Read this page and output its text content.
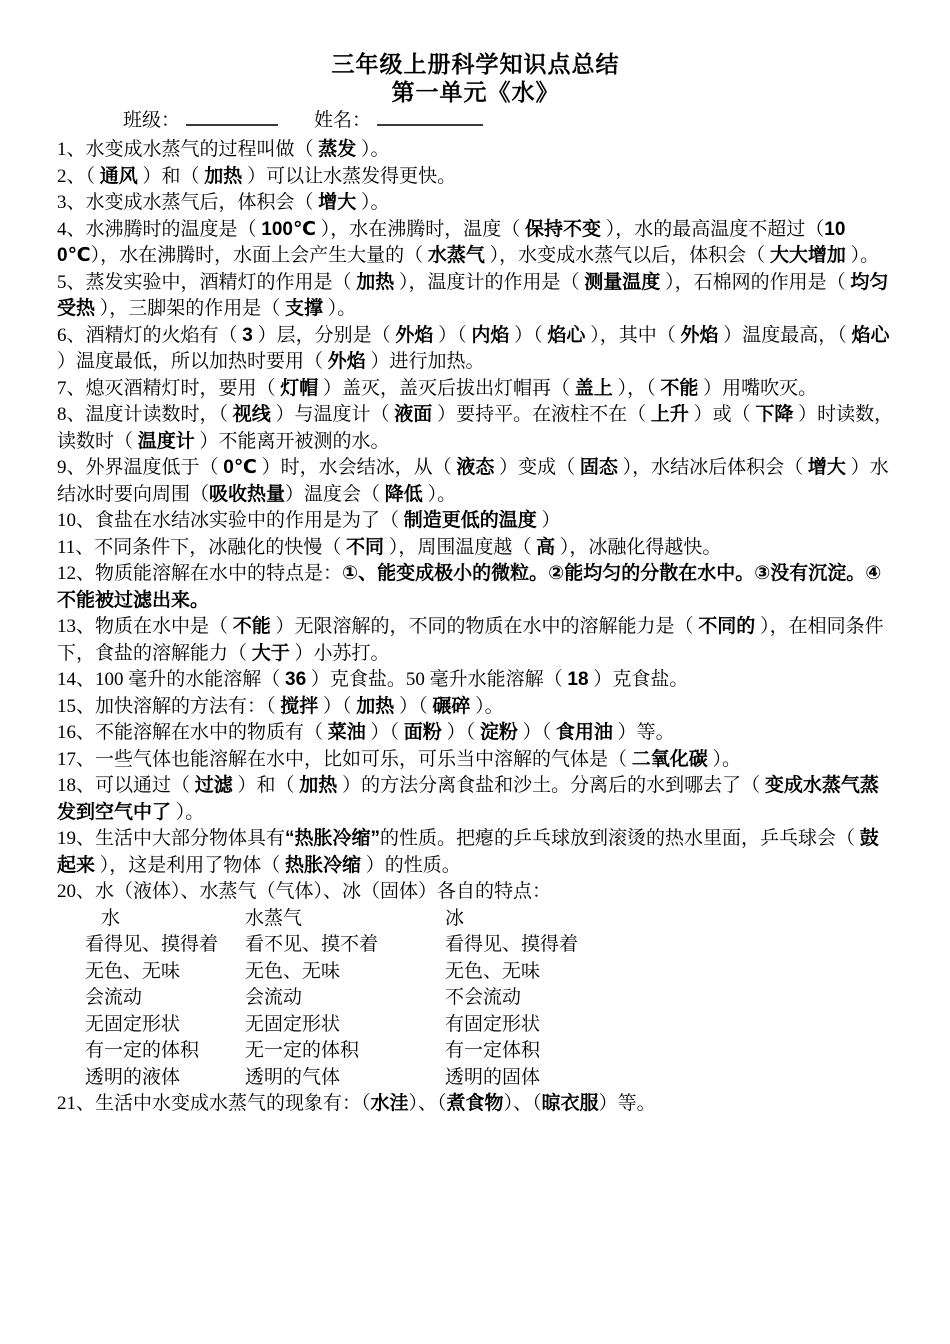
三年级上册科学知识点总结
第一单元《水》
班级：	姓名：

1、水变成水蒸气的过程叫做（ 蒸发 ）。

2、（ 通风 ）和（ 加热 ）可以让水蒸发得更快。

3、水变成水蒸气后，体积会（ 增大 ）。

4、水沸腾时的温度是（ 100℃ ），水在沸腾时，温度（ 保持不变 ），水的最高温度不超过（100℃），水在沸腾时，水面上会产生大量的（ 水蒸气 ），水变成水蒸气以后，体积会（ 大大增加 ）。

5、蒸发实验中，酒精灯的作用是（ 加热 ），温度计的作用是（ 测量温度 ），石棉网的作用是（ 均匀受热 ），三脚架的作用是（ 支撑 ）。

6、酒精灯的火焰有（ 3 ）层，分别是（ 外焰 ）（ 内焰 ）（ 焰心 ），其中（ 外焰 ）温度最高，（ 焰心 ）温度最低，所以加热时要用（ 外焰 ）进行加热。

7、熄灭酒精灯时，要用（ 灯帽 ）盖灭，盖灭后拔出灯帽再（ 盖上 ），（ 不能 ）用嘴吹灭。

8、温度计读数时，（ 视线 ）与温度计（ 液面 ）要持平。在液柱不在（ 上升 ）或（ 下降 ）时读数，读数时（ 温度计 ）不能离开被测的水。

9、外界温度低于（ 0℃ ）时，水会结冰，从（ 液态 ）变成（ 固态 ），水结冰后体积会（ 增大 ）水结冰时要向周围（吸收热量）温度会（ 降低 ）。

10、食盐在水结冰实验中的作用是为了（ 制造更低的温度 ）

11、不同条件下，冰融化的快慢（ 不同 ），周围温度越（ 高 ），冰融化得越快。

12、物质能溶解在水中的特点是：①、能变成极小的微粒。②能均匀的分散在水中。③没有沉淀。④不能被过滤出来。

13、物质在水中是（ 不能 ）无限溶解的，不同的物质在水中的溶解能力是（ 不同的 ），在相同条件下，食盐的溶解能力（ 大于 ）小苏打。

14、100 毫升的水能溶解（ 36 ）克食盐。50 毫升水能溶解（ 18 ）克食盐。

15、加快溶解的方法有：（ 搅拌 ）（ 加热 ）（ 碾碎 ）。

16、不能溶解在水中的物质有（ 菜油 ）（ 面粉 ）（ 淀粉 ）（ 食用油 ）等。

17、一些气体也能溶解在水中，比如可乐，可乐当中溶解的气体是（ 二氧化碳 ）。

18、可以通过（ 过滤 ）和（ 加热 ）的方法分离食盐和沙土。分离后的水到哪去了（ 变成水蒸气蒸发到空气中了 ）。

19、生活中大部分物体具有“热胀冷缩”的性质。把瘪的乒乓球放到滚烫的热水里面，乒乓球会（ 鼓起来 ），这是利用了物体（ 热胀冷缩 ）的性质。

20、水（液体）、水蒸气（气体）、冰（固体）各自的特点：

水	水蒸气	冰
看得见、摸得着	看不见、摸不着	看得见、摸得着
无色、无味	无色、无味	无色、无味
会流动	会流动	不会流动
无固定形状	无固定形状	有固定形状
有一定的体积	无一定的体积	有一定体积
透明的液体	透明的气体	透明的固体

21、生活中水变成水蒸气的现象有：（水洼）、（煮食物）、（晾衣服）等。
